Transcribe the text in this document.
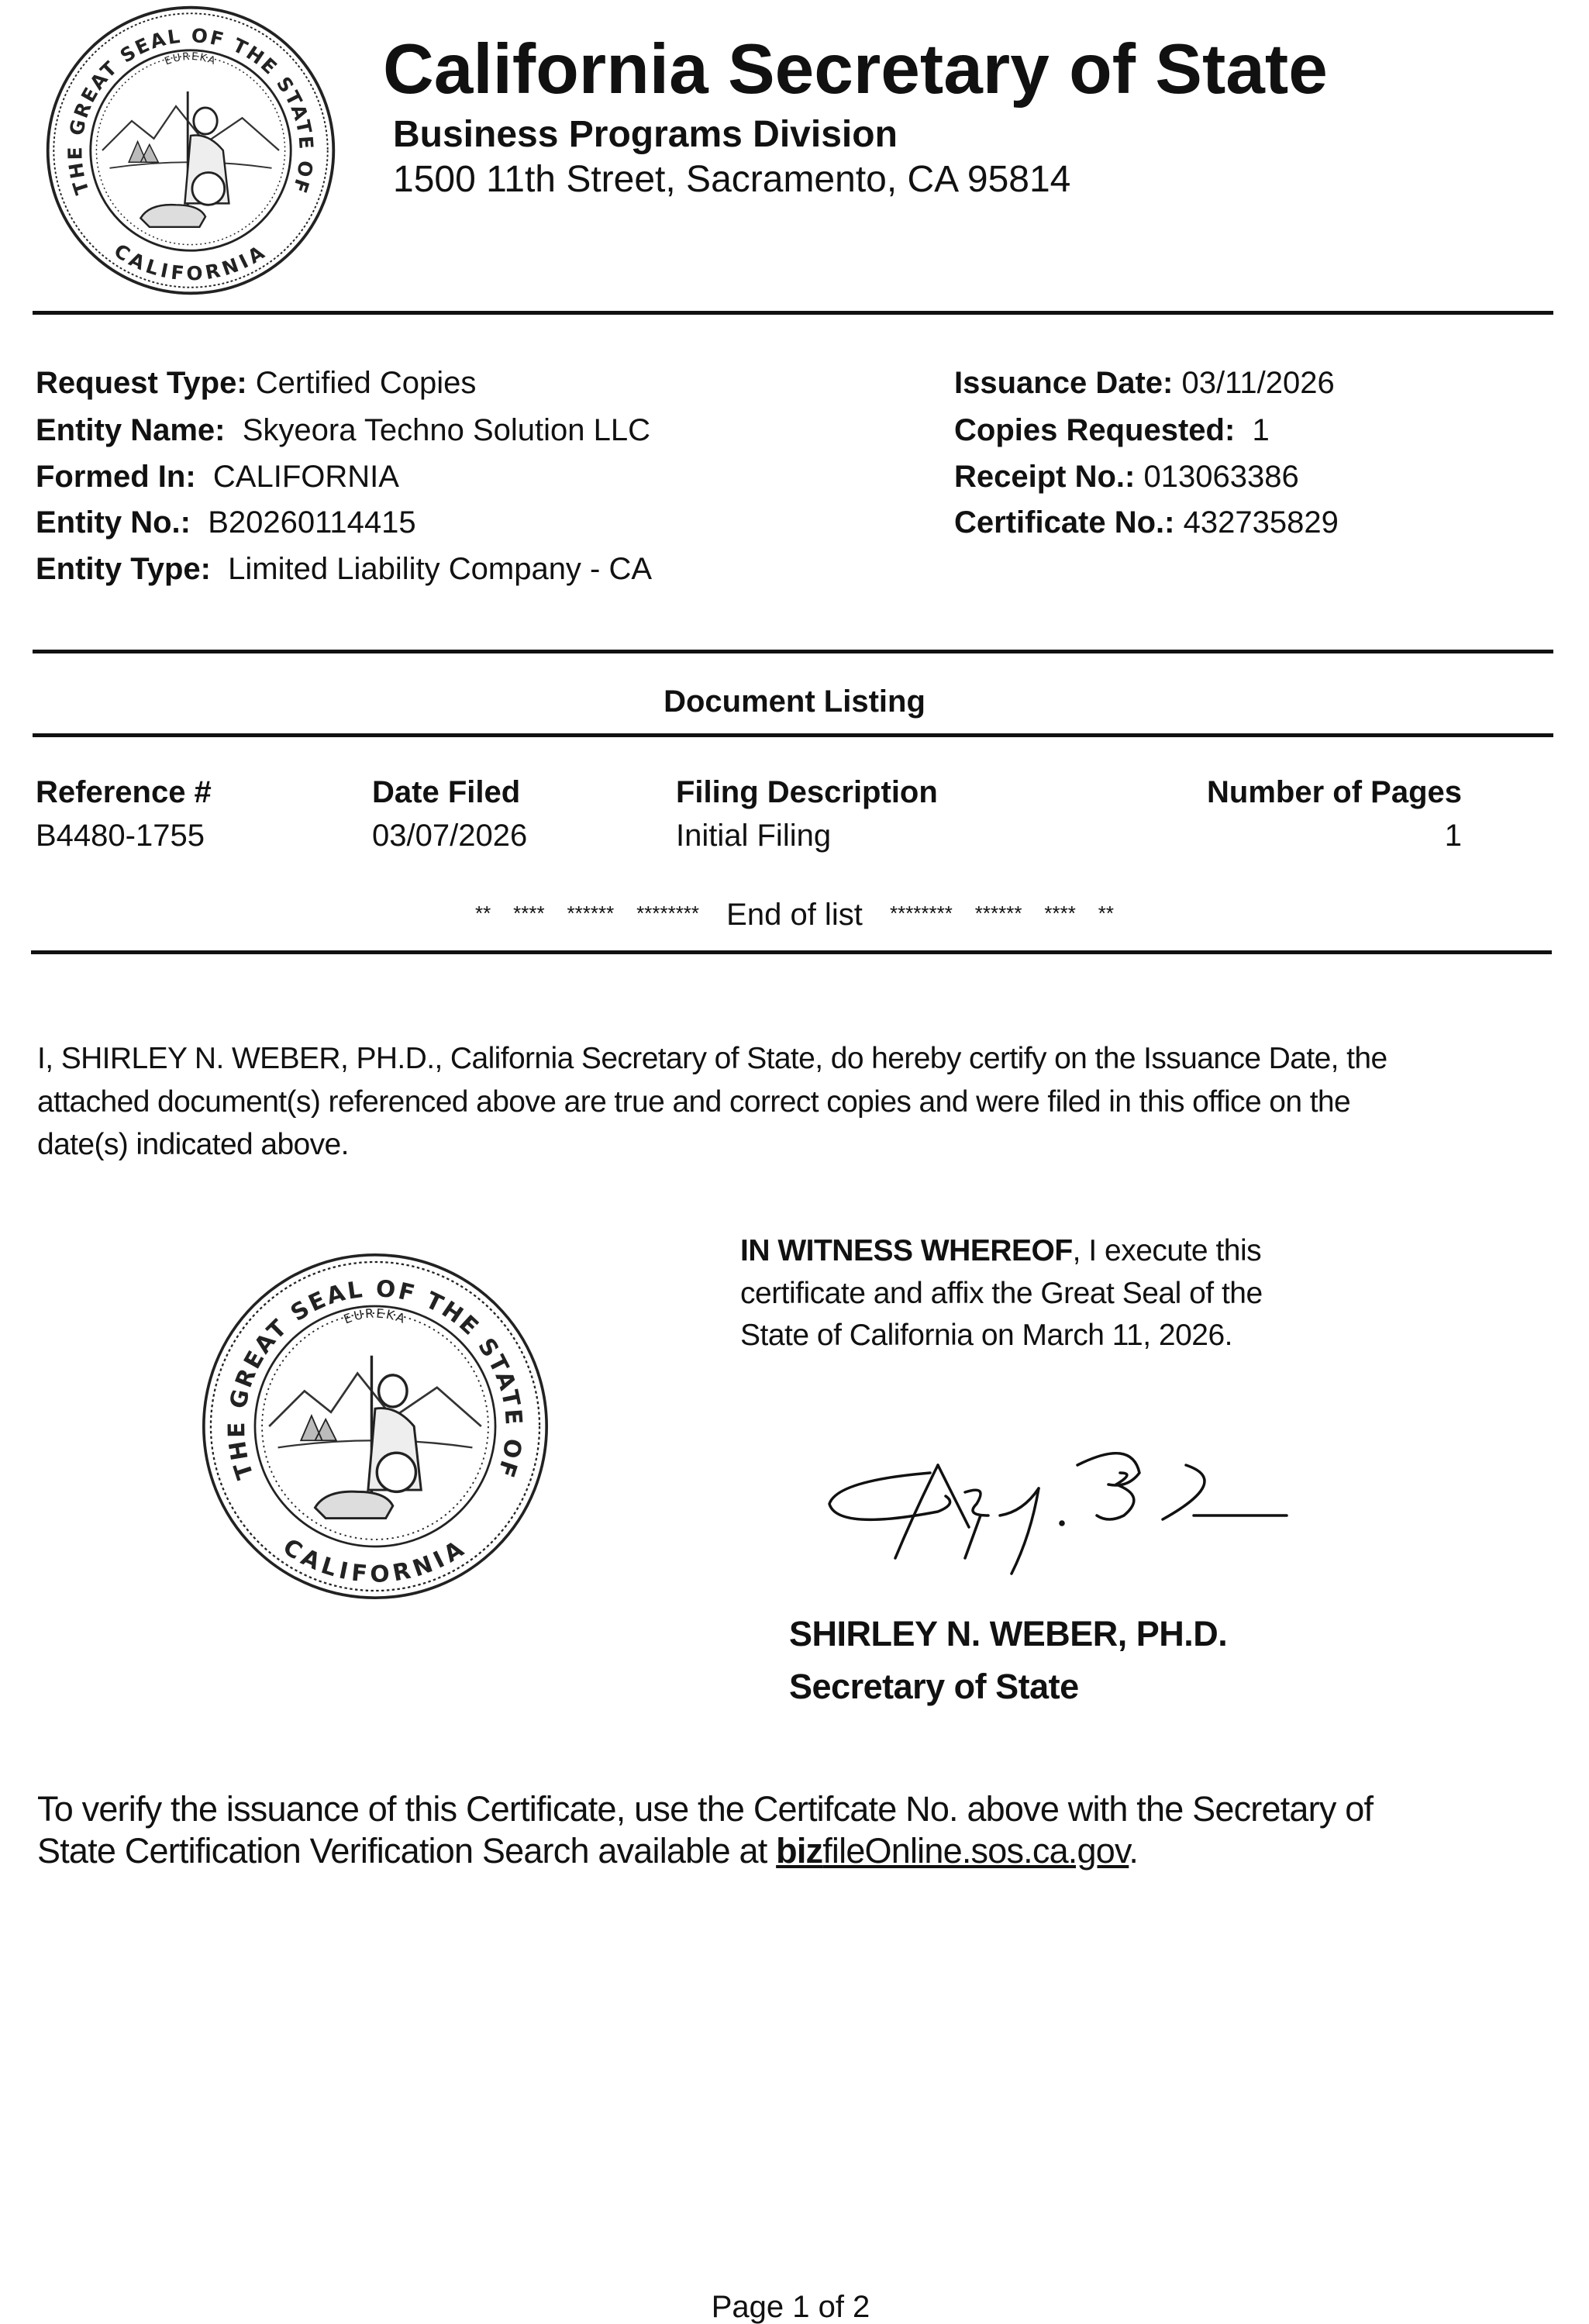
THE GREAT SEAL OF THE STATE OF
CALIFORNIA
EUREKA California Secretary of State
Business Programs Division
1500 11th Street, Sacramento, CA 95814
Request Type: Certified Copies
Entity Name: Skyeora Techno Solution LLC
Formed In: CALIFORNIA
Entity No.: B20260114415
Entity Type: Limited Liability Company - CA
Issuance Date: 03/11/2026
Copies Requested: 1
Receipt No.: 013063386
Certificate No.: 432735829
Document Listing
Reference #	Date Filed	Filing Description	Number of Pages
B4480-1755	03/07/2026	Initial Filing	1
**    ****    ******    ******** End of list ********    ******    ****    **
I, SHIRLEY N. WEBER, PH.D., California Secretary of State, do hereby certify on the Issuance Date, the
attached document(s) referenced above are true and correct copies and were filed in this office on the
date(s) indicated above.
THE GREAT SEAL OF THE STATE OF
CALIFORNIA
EUREKA
IN WITNESS WHEREOF, I execute this
certificate and affix the Great Seal of the
State of California on March 11, 2026.
SHIRLEY N. WEBER, PH.D.
Secretary of State
To verify the issuance of this Certificate, use the Certifcate No. above with the Secretary of
State Certification Verification Search available at bizfileOnline.sos.ca.gov.
Page 1 of 2
